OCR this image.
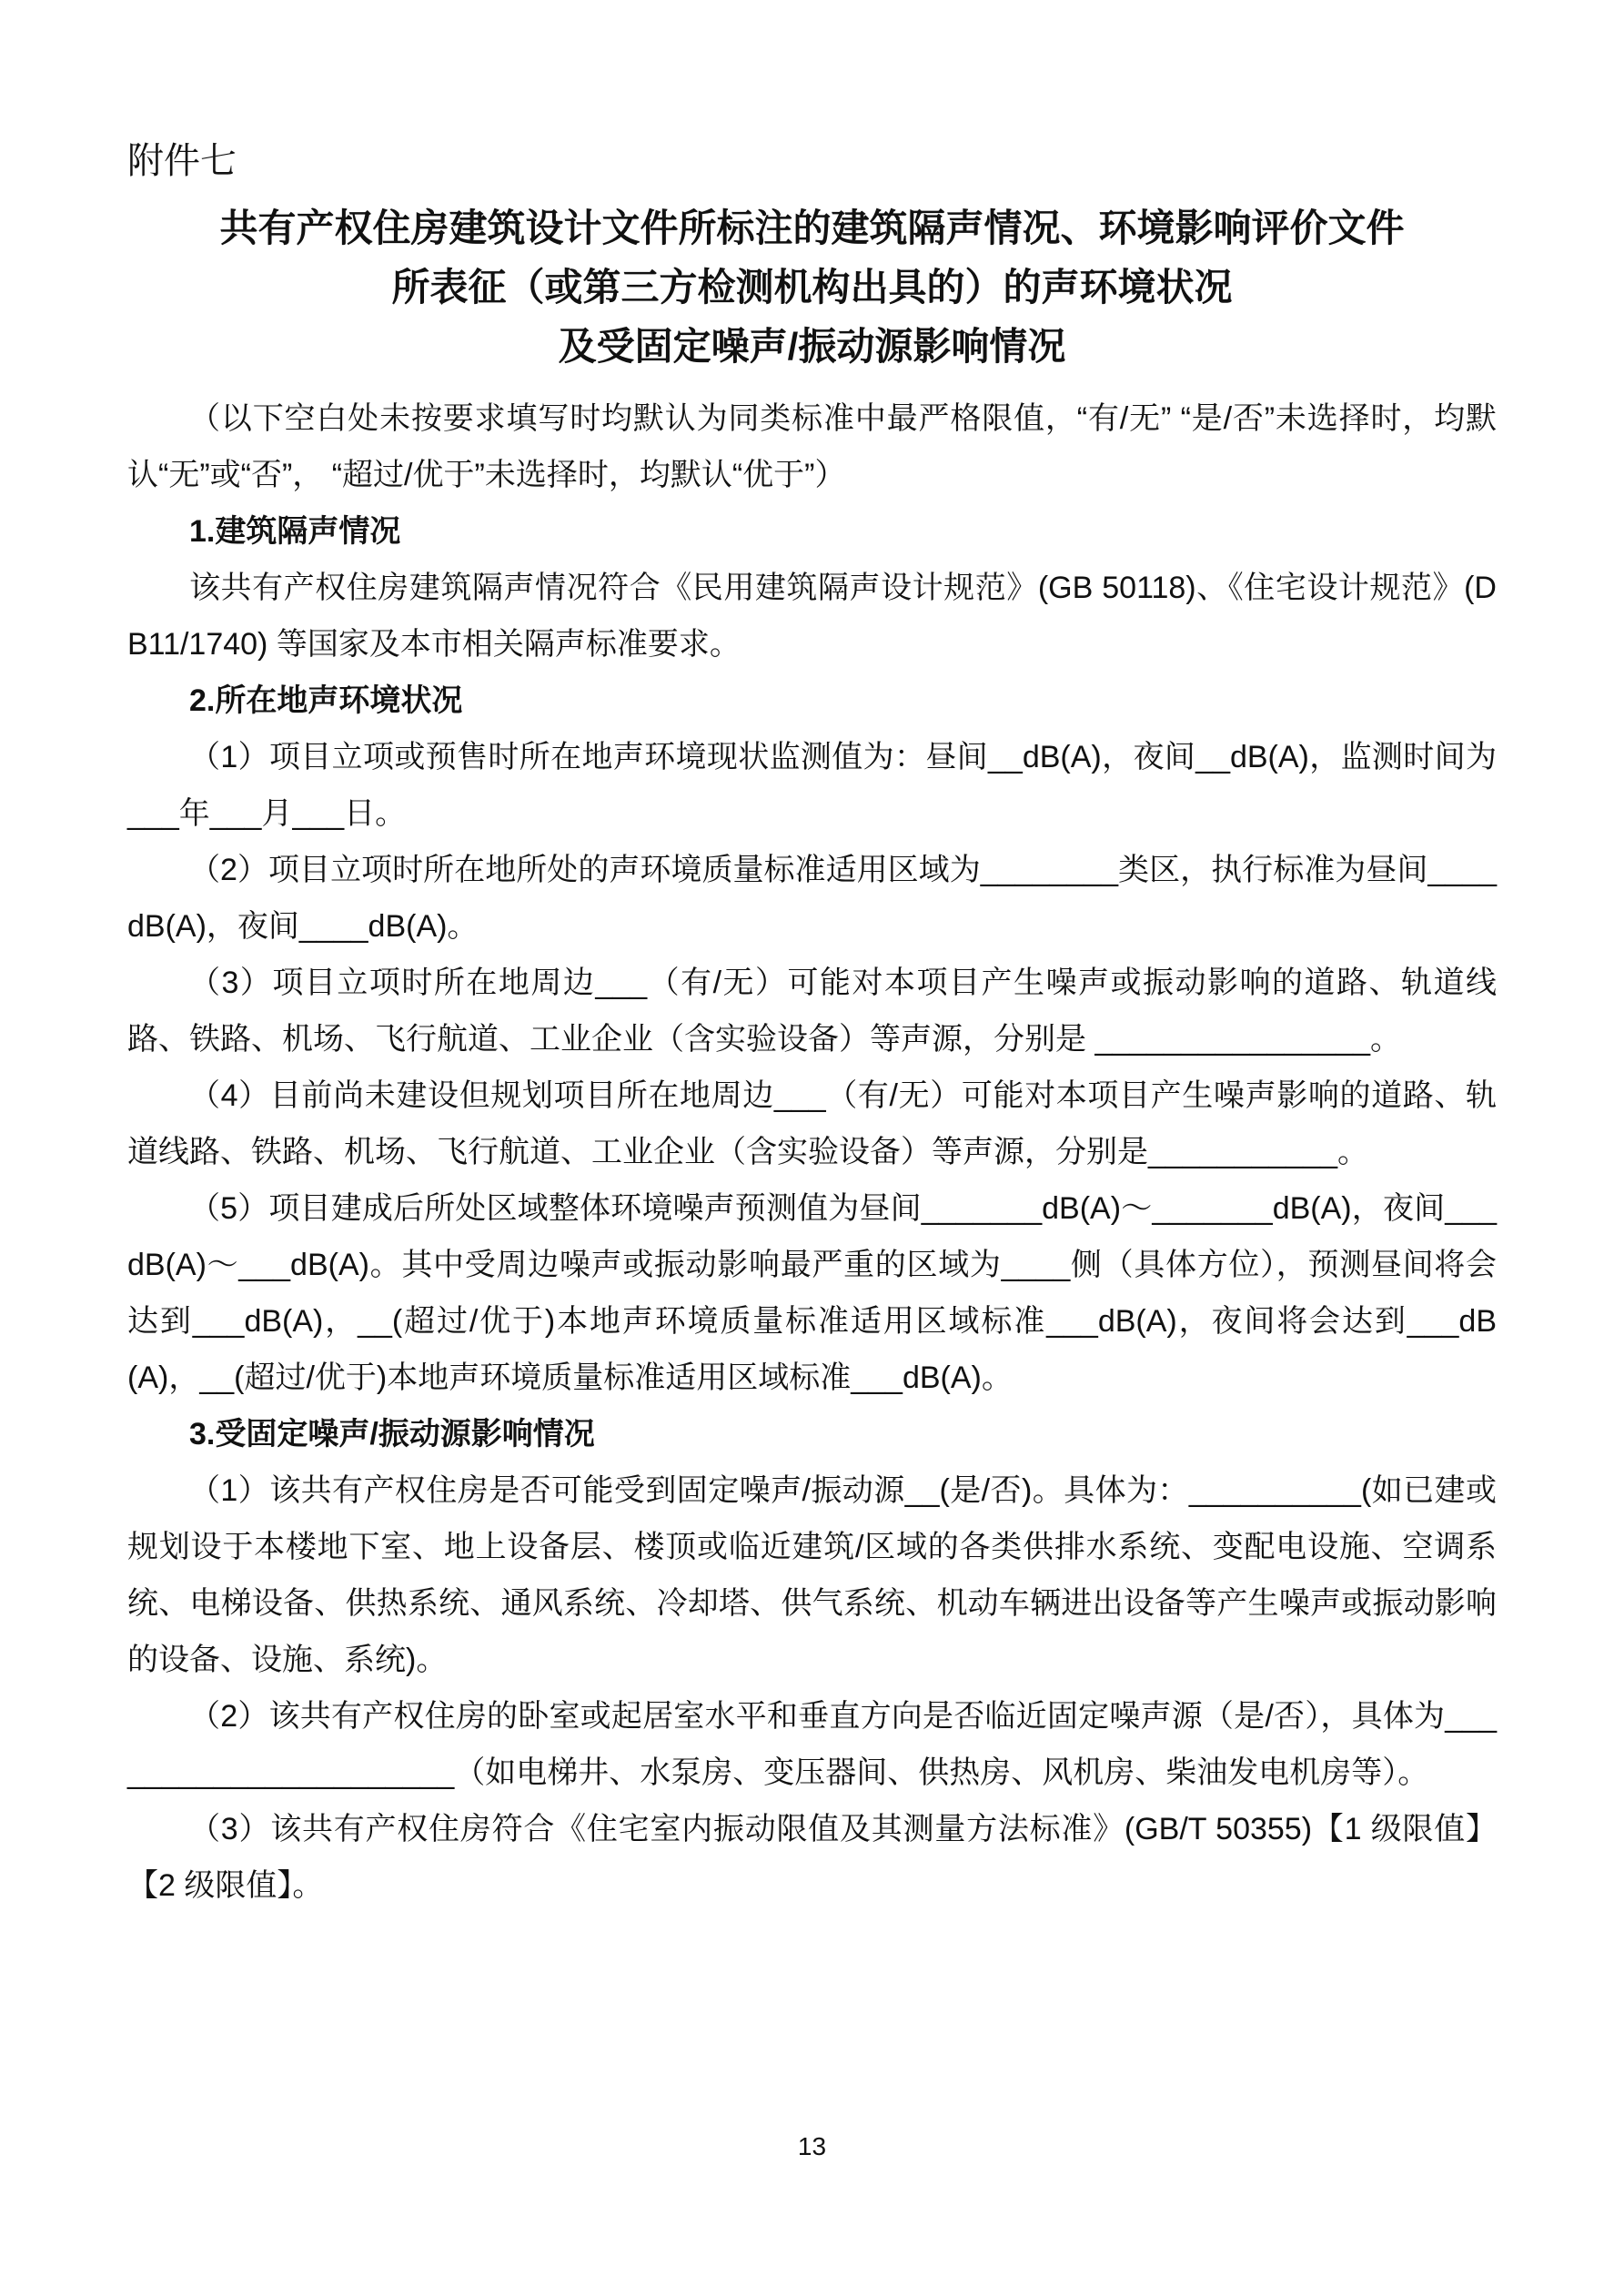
附件七
共有产权住房建筑设计文件所标注的建筑隔声情况、环境影响评价文件
所表征（或第三方检测机构出具的）的声环境状况
及受固定噪声/振动源影响情况

（以下空白处未按要求填写时均默认为同类标准中最严格限值，“有/无” “是/否”未选择时，均默认“无”或“否”， “超过/优于”未选择时，均默认“优于”）

1.建筑隔声情况

该共有产权住房建筑隔声情况符合《民用建筑隔声设计规范》(GB 50118)、《住宅设计规范》(DB11/1740) 等国家及本市相关隔声标准要求。

2.所在地声环境状况

（1）项目立项或预售时所在地声环境现状监测值为：昼间__dB(A)，夜间__dB(A)，监测时间为___年___月___日。

（2）项目立项时所在地所处的声环境质量标准适用区域为________类区，执行标准为昼间____dB(A)，夜间____dB(A)。

（3）项目立项时所在地周边___（有/无）可能对本项目产生噪声或振动影响的道路、轨道线路、铁路、机场、飞行航道、工业企业（含实验设备）等声源，分别是 ________________。

（4）目前尚未建设但规划项目所在地周边___（有/无）可能对本项目产生噪声影响的道路、轨道线路、铁路、机场、飞行航道、工业企业（含实验设备）等声源，分别是___________。

（5）项目建成后所处区域整体环境噪声预测值为昼间_______dB(A)～_______dB(A)，夜间___dB(A)～___dB(A)。其中受周边噪声或振动影响最严重的区域为____侧（具体方位），预测昼间将会达到___dB(A)，__(超过/优于)本地声环境质量标准适用区域标准___dB(A)，夜间将会达到___dB(A)，__(超过/优于)本地声环境质量标准适用区域标准___dB(A)。

3.受固定噪声/振动源影响情况

（1）该共有产权住房是否可能受到固定噪声/振动源__(是/否)。具体为：__________(如已建或规划设于本楼地下室、地上设备层、楼顶或临近建筑/区域的各类供排水系统、变配电设施、空调系统、电梯设备、供热系统、通风系统、冷却塔、供气系统、机动车辆进出设备等产生噪声或振动影响的设备、设施、系统)。

（2）该共有产权住房的卧室或起居室水平和垂直方向是否临近固定噪声源（是/否），具体为______________________（如电梯井、水泵房、变压器间、供热房、风机房、柴油发电机房等）。

（3）该共有产权住房符合《住宅室内振动限值及其测量方法标准》(GB/T 50355)【1 级限值】【2 级限值】。

13
